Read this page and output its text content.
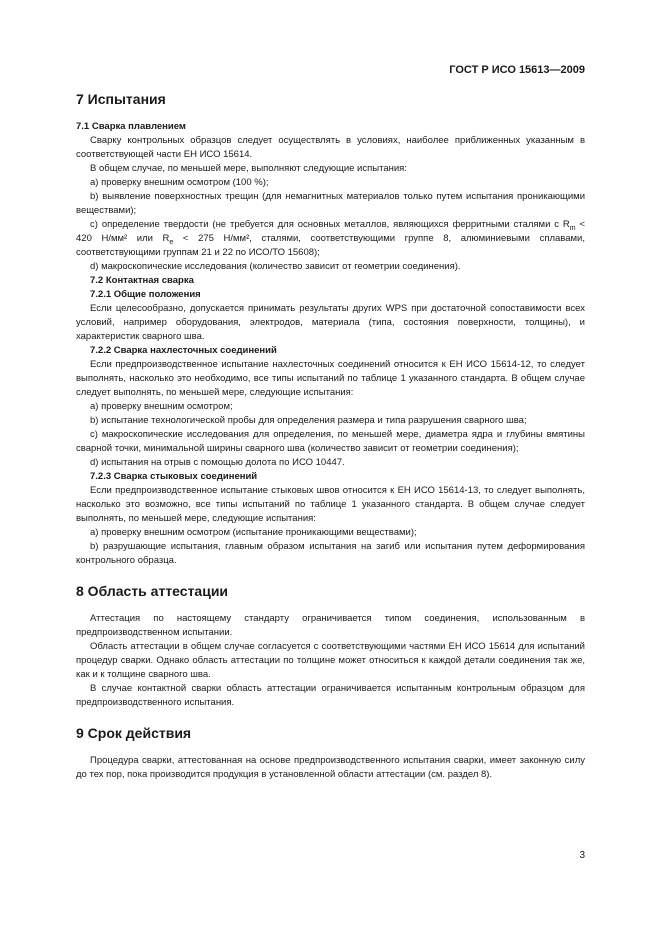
ГОСТ Р ИСО 15613—2009
7 Испытания
7.1 Сварка плавлением

Сварку контрольных образцов следует осуществлять в условиях, наиболее приближенных указанным в соответствующей части ЕН ИСО 15614.

В общем случае, по меньшей мере, выполняют следующие испытания:

a) проверку внешним осмотром (100 %);

b) выявление поверхностных трещин (для немагнитных материалов только путем испытания проникающими веществами);

c) определение твердости (не требуется для основных металлов, являющихся ферритными сталями с $R_m < 420$ Н/мм² или $R_e < 275$ Н/мм², сталями, соответствующими группе 8, алюминиевыми сплавами, соответствующими группам 21 и 22 по ИСО/ТО 15608);

d) макроскопические исследования (количество зависит от геометрии соединения).

7.2 Контактная сварка
7.2.1 Общие положения

Если целесообразно, допускается принимать результаты других WPS при достаточной сопоставимости всех условий, например оборудования, электродов, материала (типа, состояния поверхности, толщины), и характеристик сварного шва.

7.2.2 Сварка нахлесточных соединений

Если предпроизводственное испытание нахлесточных соединений относится к ЕН ИСО 15614-12, то следует выполнять, насколько это необходимо, все типы испытаний по таблице 1 указанного стандарта. В общем случае следует выполнять, по меньшей мере, следующие испытания:

a) проверку внешним осмотром;

b) испытание технологической пробы для определения размера и типа разрушения сварного шва;

c) макроскопические исследования для определения, по меньшей мере, диаметра ядра и глубины вмятины сварной точки, минимальной ширины сварного шва (количество зависит от геометрии соединения);

d) испытания на отрыв с помощью долота по ИСО 10447.

7.2.3 Сварка стыковых соединений

Если предпроизводственное испытание стыковых швов относится к ЕН ИСО 15614-13, то следует выполнять, насколько это возможно, все типы испытаний по таблице 1 указанного стандарта. В общем случае следует выполнять, по меньшей мере, следующие испытания:

a) проверку внешним осмотром (испытание проникающими веществами);

b) разрушающие испытания, главным образом испытания на загиб или испытания путем деформирования контрольного образца.

8 Область аттестации

Аттестация по настоящему стандарту ограничивается типом соединения, использованным в предпроизводственном испытании.

Область аттестации в общем случае согласуется с соответствующими частями ЕН ИСО 15614 для испытаний процедур сварки. Однако область аттестации по толщине может относиться к каждой детали соединения так же, как и к толщине сварного шва.

В случае контактной сварки область аттестации ограничивается испытанным контрольным образцом для предпроизводственного испытания.

9 Срок действия

Процедура сварки, аттестованная на основе предпроизводственного испытания сварки, имеет законную силу до тех пор, пока производится продукция в установленной области аттестации (см. раздел 8).

3
